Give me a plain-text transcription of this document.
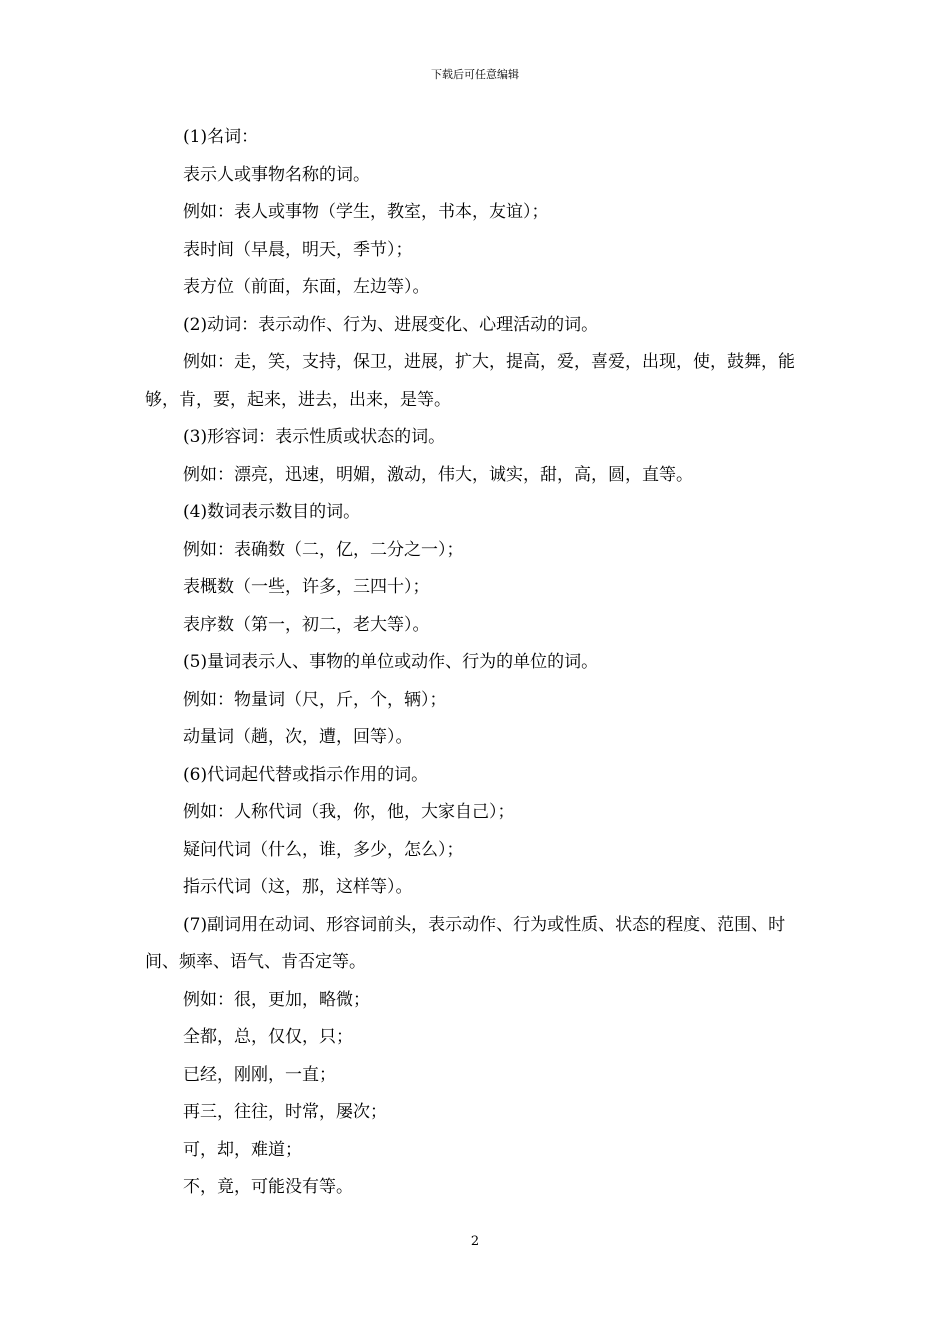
下载后可任意编辑

(1)名词：

表示人或事物名称的词。

例如：表人或事物（学生，教室，书本，友谊）；

表时间（早晨，明天，季节）；

表方位（前面，东面，左边等）。

(2)动词：表示动作、行为、进展变化、心理活动的词。

例如：走，笑，支持，保卫，进展，扩大，提高，爱，喜爱，出现，使，鼓舞，能够，肯，要，起来，进去，出来，是等。

(3)形容词：表示性质或状态的词。

例如：漂亮，迅速，明媚，激动，伟大，诚实，甜，高，圆，直等。

(4)数词表示数目的词。

例如：表确数（二，亿，二分之一）；

表概数（一些，许多，三四十）；

表序数（第一，初二，老大等）。

(5)量词表示人、事物的单位或动作、行为的单位的词。

例如：物量词（尺，斤，个，辆）；

动量词（趟，次，遭，回等）。

(6)代词起代替或指示作用的词。

例如：人称代词（我，你，他，大家自己）；

疑问代词（什么，谁，多少，怎么）；

指示代词（这，那，这样等）。

(7)副词用在动词、形容词前头，表示动作、行为或性质、状态的程度、范围、时间、频率、语气、肯否定等。

例如：很，更加，略微；

全都，总，仅仅，只；

已经，刚刚，一直；

再三，往往，时常，屡次；

可，却，难道；

不，竟，可能没有等。

2
